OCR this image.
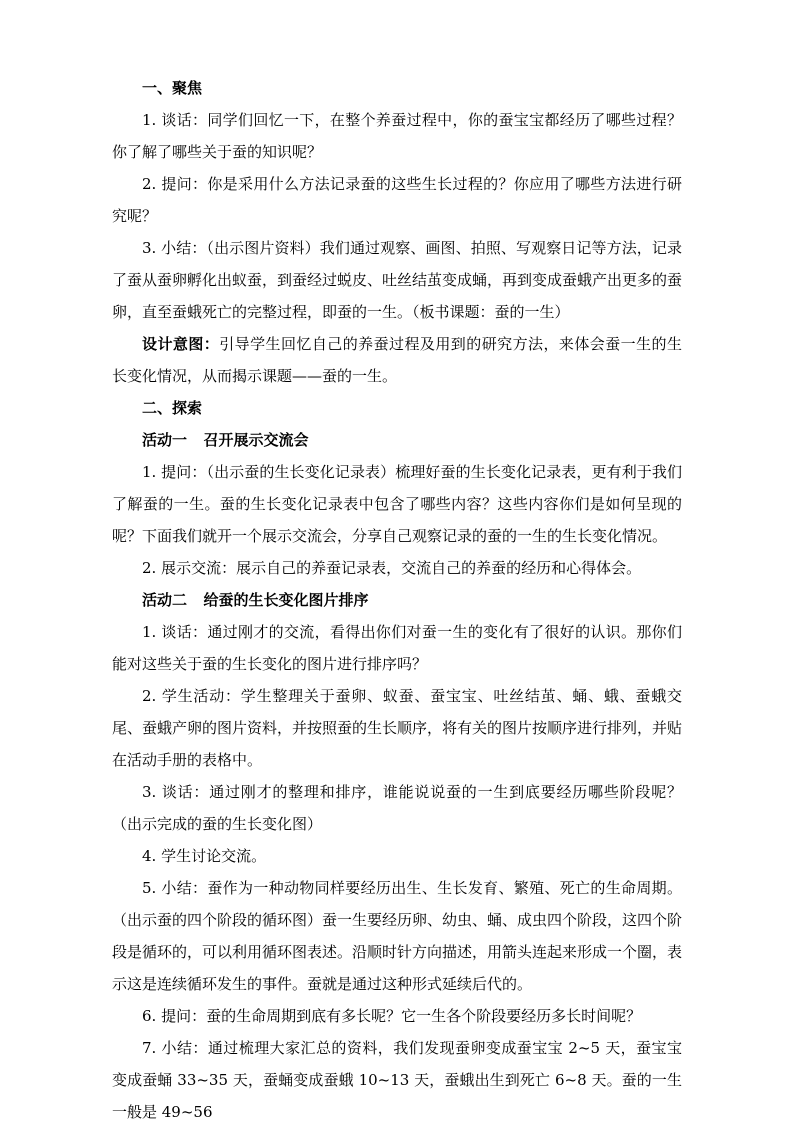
一、聚焦

1. 谈话：同学们回忆一下，在整个养蚕过程中，你的蚕宝宝都经历了哪些过程？你了解了哪些关于蚕的知识呢？

2. 提问：你是采用什么方法记录蚕的这些生长过程的？你应用了哪些方法进行研究呢？

3. 小结：（出示图片资料）我们通过观察、画图、拍照、写观察日记等方法，记录了蚕从蚕卵孵化出蚁蚕，到蚕经过蜕皮、吐丝结茧变成蛹，再到变成蚕蛾产出更多的蚕卵，直至蚕蛾死亡的完整过程，即蚕的一生。（板书课题：蚕的一生）

设计意图：引导学生回忆自己的养蚕过程及用到的研究方法，来体会蚕一生的生长变化情况，从而揭示课题——蚕的一生。

二、探索

活动一 召开展示交流会

1. 提问：（出示蚕的生长变化记录表）梳理好蚕的生长变化记录表，更有利于我们了解蚕的一生。蚕的生长变化记录表中包含了哪些内容？这些内容你们是如何呈现的呢？下面我们就开一个展示交流会，分享自己观察记录的蚕的一生的生长变化情况。

2. 展示交流：展示自己的养蚕记录表，交流自己的养蚕的经历和心得体会。

活动二 给蚕的生长变化图片排序

1. 谈话：通过刚才的交流，看得出你们对蚕一生的变化有了很好的认识。那你们能对这些关于蚕的生长变化的图片进行排序吗？

2. 学生活动：学生整理关于蚕卵、蚁蚕、蚕宝宝、吐丝结茧、蛹、蛾、蚕蛾交尾、蚕蛾产卵的图片资料，并按照蚕的生长顺序，将有关的图片按顺序进行排列，并贴在活动手册的表格中。

3. 谈话：通过刚才的整理和排序，谁能说说蚕的一生到底要经历哪些阶段呢？（出示完成的蚕的生长变化图）

4. 学生讨论交流。

5. 小结：蚕作为一种动物同样要经历出生、生长发育、繁殖、死亡的生命周期。（出示蚕的四个阶段的循环图）蚕一生要经历卵、幼虫、蛹、成虫四个阶段，这四个阶段是循环的，可以利用循环图表述。沿顺时针方向描述，用箭头连起来形成一个圈，表示这是连续循环发生的事件。蚕就是通过这种形式延续后代的。

6. 提问：蚕的生命周期到底有多长呢？它一生各个阶段要经历多长时间呢？

7. 小结：通过梳理大家汇总的资料，我们发现蚕卵变成蚕宝宝 2~5 天，蚕宝宝变成蚕蛹 33~35 天，蚕蛹变成蚕蛾 10~13 天，蚕蛾出生到死亡 6~8 天。蚕的一生一般是 49~56
